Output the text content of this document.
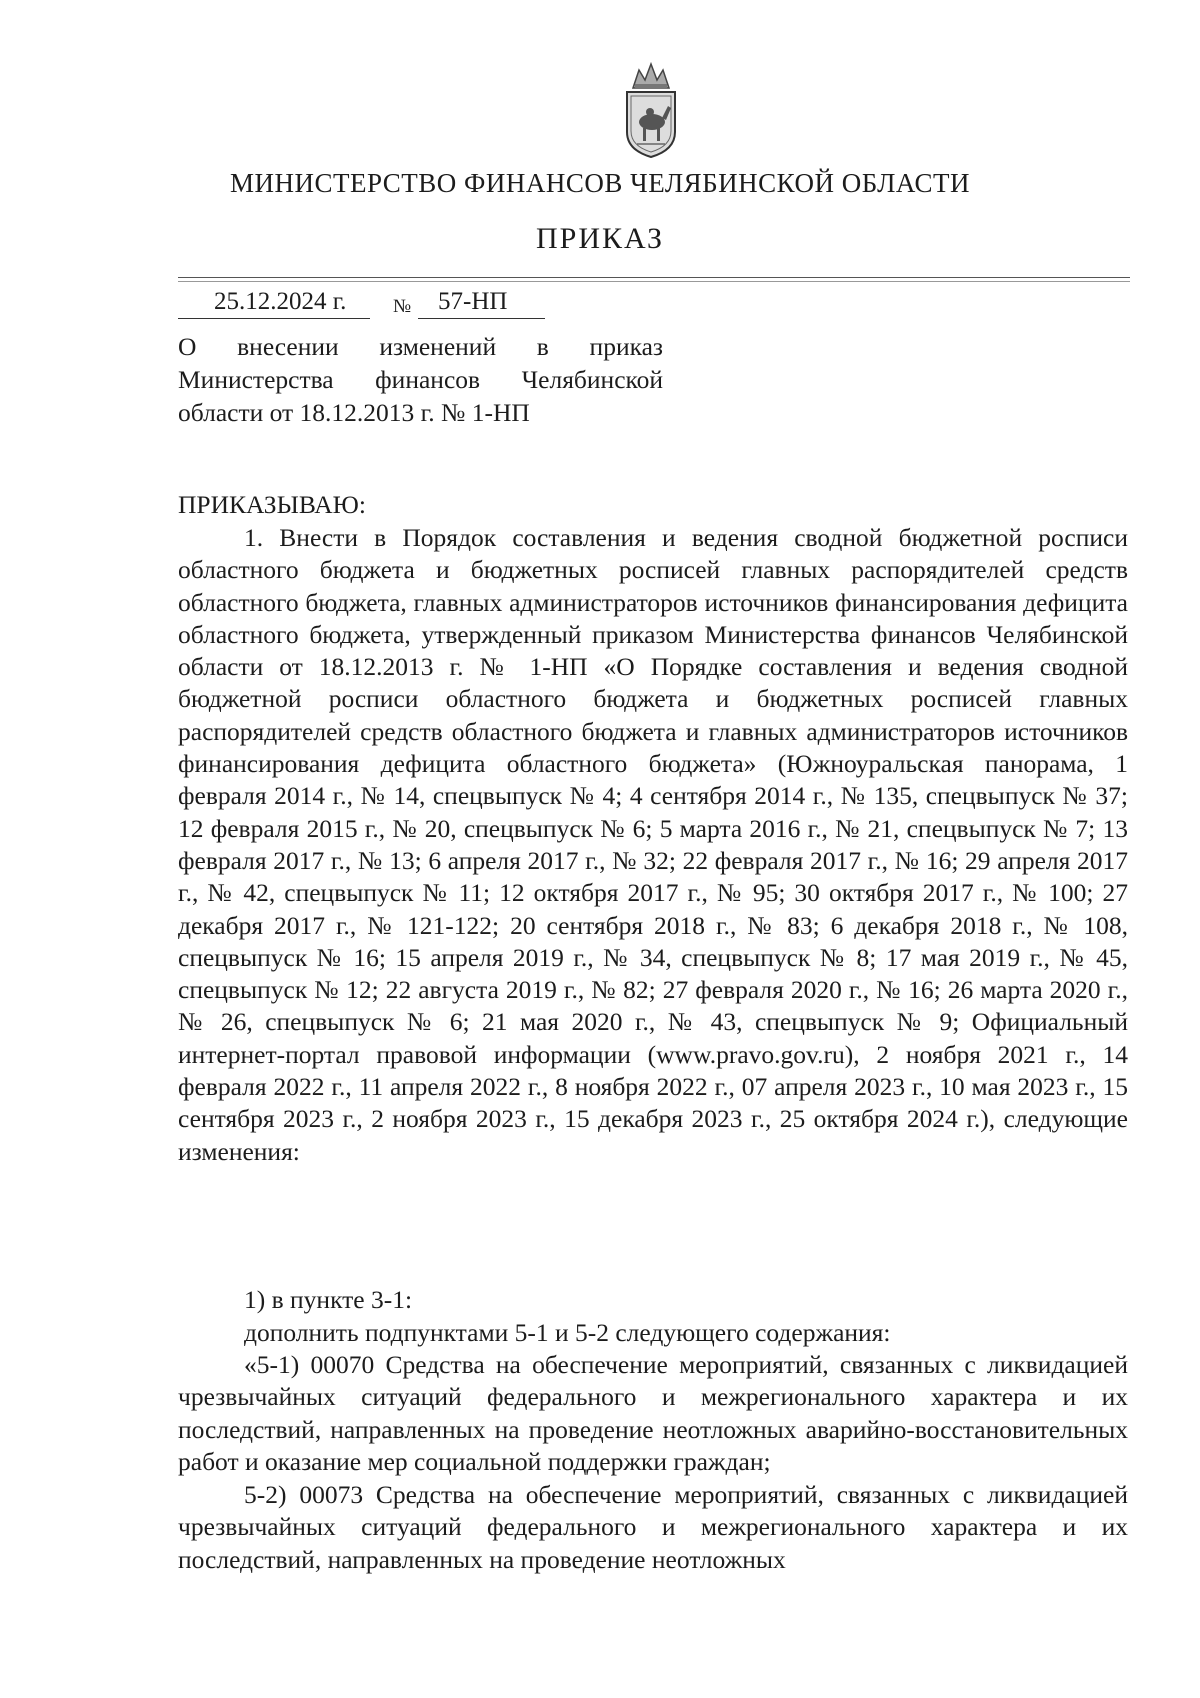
МИНИСТЕРСТВО ФИНАНСОВ ЧЕЛЯБИНСКОЙ ОБЛАСТИ
ПРИКАЗ
25.12.2024 г. № 57-НП
О внесении изменений в приказ Министерства финансов Челябинской области от 18.12.2013 г. № 1-НП
ПРИКАЗЫВАЮ:

1. Внести в Порядок составления и ведения сводной бюджетной росписи областного бюджета и бюджетных росписей главных распорядителей средств областного бюджета, главных администраторов источников финансирования дефицита областного бюджета, утвержденный приказом Министерства финансов Челябинской области от 18.12.2013 г. № 1-НП «О Порядке составления и ведения сводной бюджетной росписи областного бюджета и бюджетных росписей главных распорядителей средств областного бюджета и главных администраторов источников финансирования дефицита областного бюджета» (Южноуральская панорама, 1 февраля 2014 г., № 14, спецвыпуск № 4; 4 сентября 2014 г., № 135, спецвыпуск № 37; 12 февраля 2015 г., № 20, спецвыпуск № 6; 5 марта 2016 г., № 21, спецвыпуск № 7; 13 февраля 2017 г., № 13; 6 апреля 2017 г., № 32; 22 февраля 2017 г., № 16; 29 апреля 2017 г., № 42, спецвыпуск № 11; 12 октября 2017 г., № 95; 30 октября 2017 г., № 100; 27 декабря 2017 г., № 121-122; 20 сентября 2018 г., № 83; 6 декабря 2018 г., № 108, спецвыпуск № 16; 15 апреля 2019 г., № 34, спецвыпуск № 8; 17 мая 2019 г., № 45, спецвыпуск № 12; 22 августа 2019 г., № 82; 27 февраля 2020 г., № 16; 26 марта 2020 г., № 26, спецвыпуск № 6; 21 мая 2020 г., № 43, спецвыпуск № 9; Официальный интернет-портал правовой информации (www.pravo.gov.ru), 2 ноября 2021 г., 14 февраля 2022 г., 11 апреля 2022 г., 8 ноября 2022 г., 07 апреля 2023 г., 10 мая 2023 г., 15 сентября 2023 г., 2 ноября 2023 г., 15 декабря 2023 г., 25 октября 2024 г.), следующие изменения:

1) в пункте 3-1:

дополнить подпунктами 5-1 и 5-2 следующего содержания:

«5-1) 00070 Средства на обеспечение мероприятий, связанных с ликвидацией чрезвычайных ситуаций федерального и межрегионального характера и их последствий, направленных на проведение неотложных аварийно-восстановительных работ и оказание мер социальной поддержки граждан;

5-2) 00073 Средства на обеспечение мероприятий, связанных с ликвидацией чрезвычайных ситуаций федерального и межрегионального характера и их последствий, направленных на проведение неотложных
